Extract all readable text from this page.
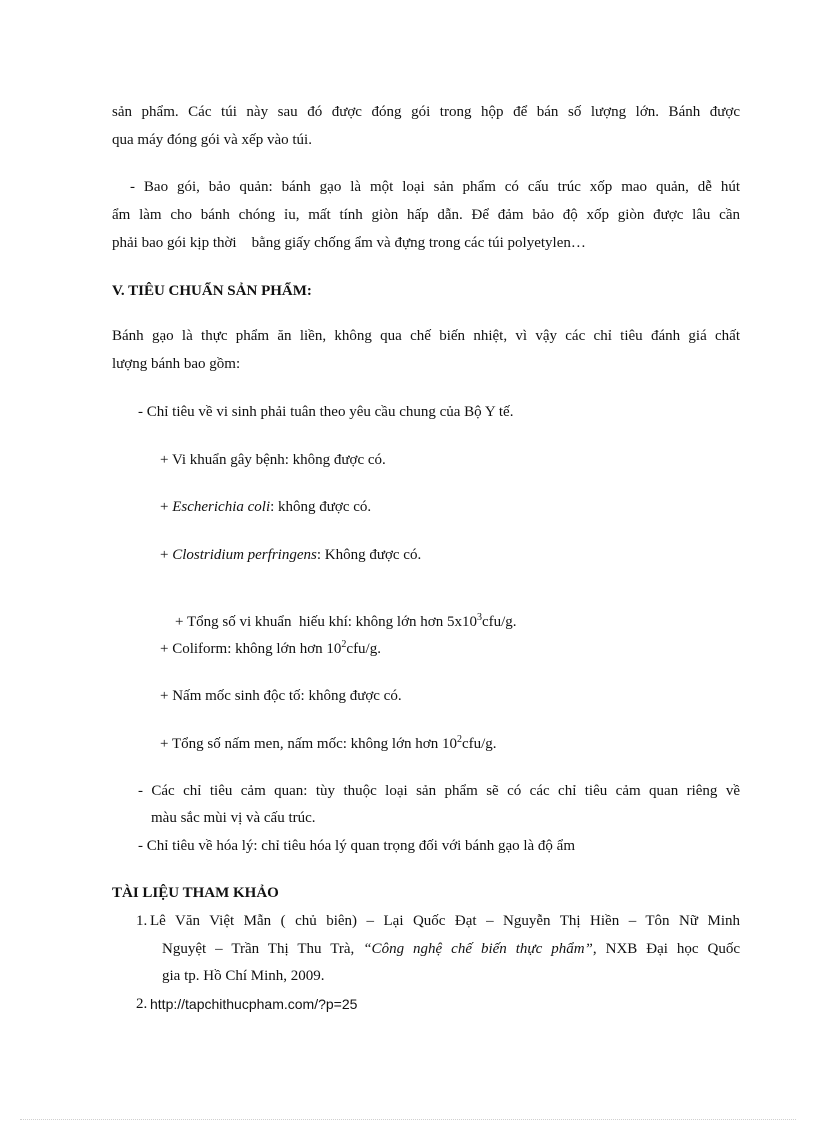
sản phẩm. Các túi này sau đó được đóng gói trong hộp để bán số lượng lớn. Bánh được
qua máy đóng gói và xếp vào túi.
- Bao gói, bảo quản: bánh gạo là một loại sản phẩm có cấu trúc xốp mao quản, dễ hút
ẩm làm cho bánh chóng ỉu, mất tính giòn hấp dẫn. Để đảm bảo độ xốp giòn được lâu cần
phải bao gói kịp thời    bằng giấy chống ẩm và đựng trong các túi polyetylen…
V. TIÊU CHUẨN SẢN PHẨM:
Bánh gạo là thực phẩm ăn liền, không qua chế biến nhiệt, vì vậy các chỉ tiêu đánh giá chất
lượng bánh bao gồm:
- Chỉ tiêu về vi sinh phải tuân theo yêu cầu chung của Bộ Y tế.
+ Vi khuẩn gây bệnh: không được có.
+ Escherichia coli: không được có.
+ Clostridium perfringens: Không được có.

+ Tổng số vi khuẩn  hiếu khí: không lớn hơn $5x10^3cfu/g$.

+ Coliform: không lớn hơn $10^2cfu/g$.
+ Nấm mốc sinh độc tố: không được có.
+ Tổng số nấm men, nấm mốc: không lớn hơn $10^2cfu/g$.
- Các chỉ tiêu cảm quan: tùy thuộc loại sản phẩm sẽ có các chỉ tiêu cảm quan riêng về
màu sắc mùi vị và cấu trúc.
- Chỉ tiêu về hóa lý: chỉ tiêu hóa lý quan trọng đối với bánh gạo là độ ẩm
TÀI LIỆU THAM KHẢO
1. Lê Văn Việt Mẫn ( chủ biên) – Lại Quốc Đạt – Nguyễn Thị Hiền – Tôn Nữ Minh
Nguyệt – Trần Thị Thu Trà, “Công nghệ chế biến thực phẩm”, NXB Đại học Quốc
gia tp. Hồ Chí Minh, 2009.
2. http://tapchithucpham.com/?p=25
